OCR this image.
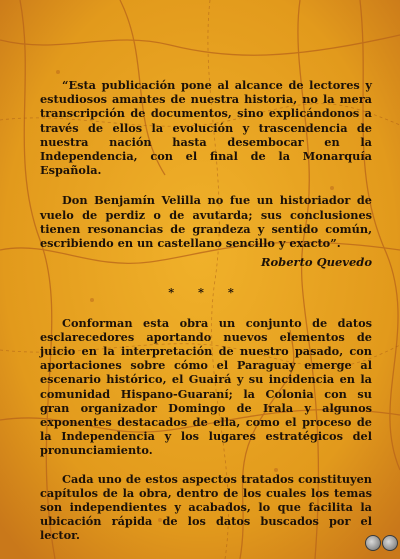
“Esta publicación pone al alcance de lectores y estudiosos amantes de nuestra historia, no la mera transcripción de documentos, sino explicándonos a través de ellos la evolución y trascendencia de nuestra nación hasta desembocar en la Independencia, con el final de la Monarquía Española.

Don Benjamín Velilla no fue un historiador de vuelo de perdiz o de avutarda; sus conclusiones tienen resonancias de grandeza y sentido común, escribiendo en un castellano sencillo y exacto”.

Roberto Quevedo

* * *

Conforman esta obra un conjunto de datos esclarecedores aportando nuevos elementos de juicio en la interpretación de nuestro pasado, con aportaciones sobre cómo el Paraguay emerge al escenario histórico, el Guairá y su incidencia en la comunidad Hispano-Guaraní; la Colonia con su gran organizador Domingo de Irala y algunos exponentes destacados de ella, como el proceso de la Independencia y los lugares estratégicos del pronunciamiento.

Cada uno de estos aspectos tratados constituyen capítulos de la obra, dentro de los cuales los temas son independientes y acabados, lo que facilita la ubicación rápida de los datos buscados por el lector.
